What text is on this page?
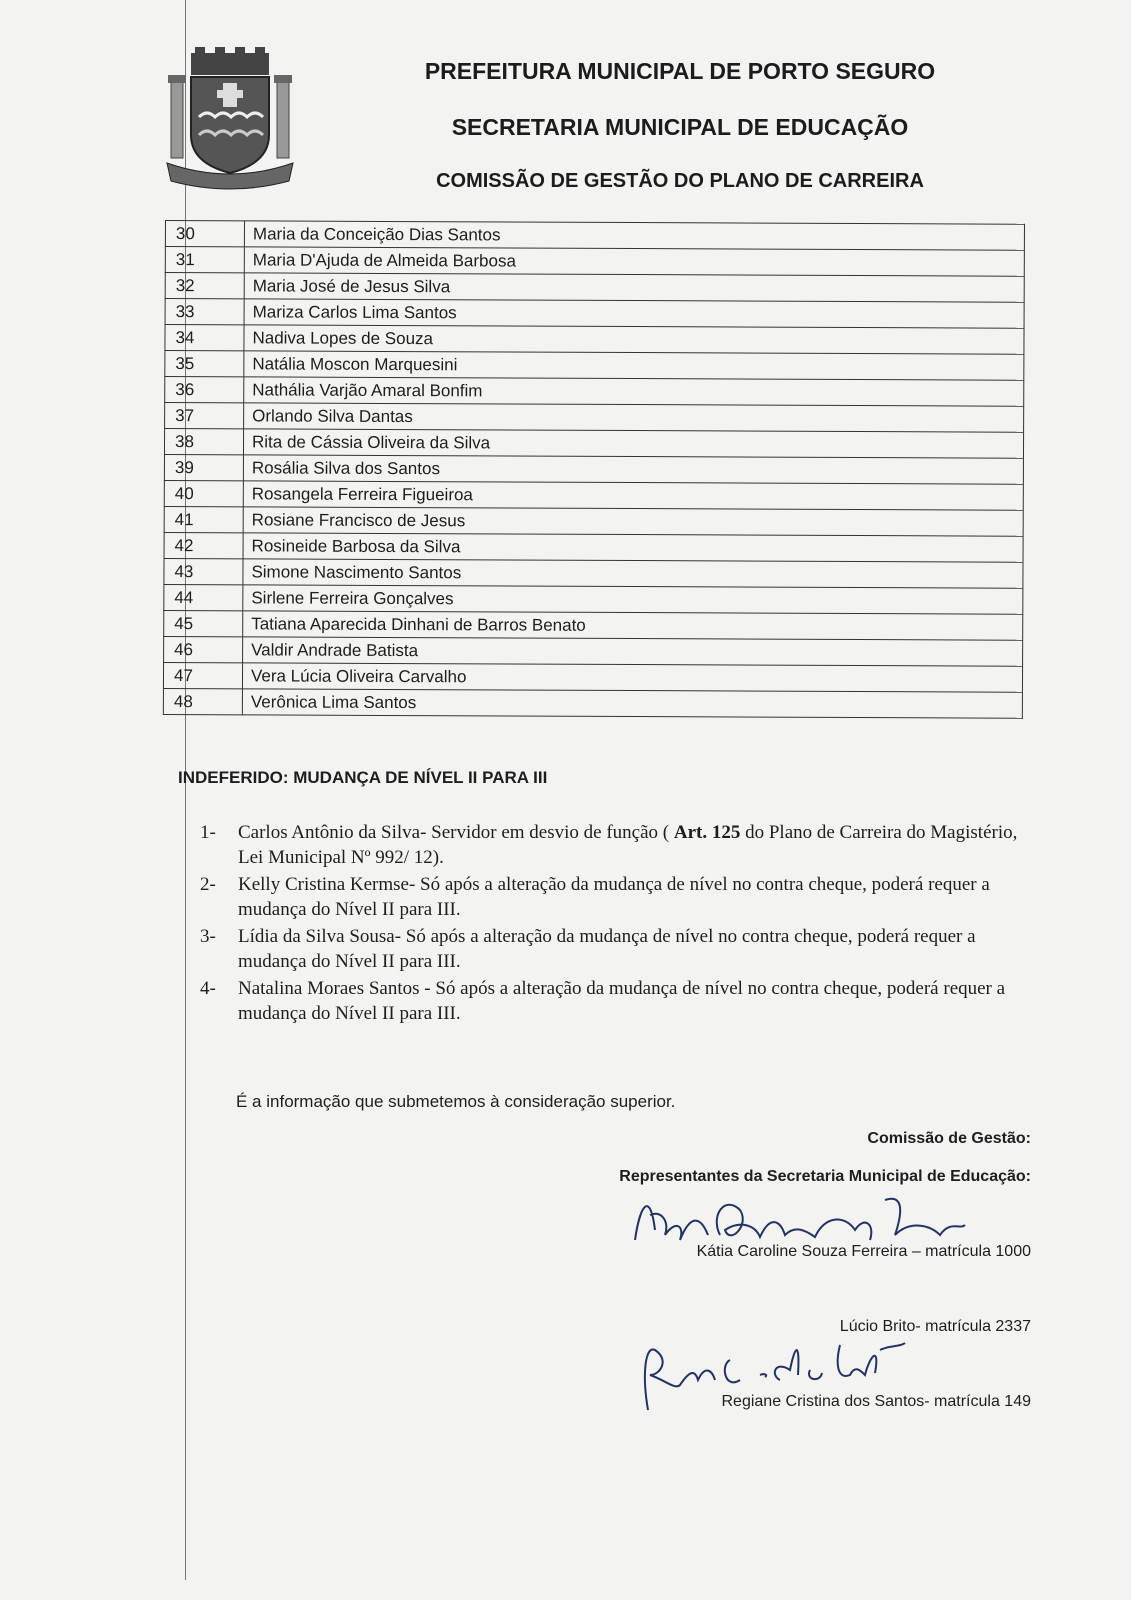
PREFEITURA MUNICIPAL DE PORTO SEGURO
SECRETARIA MUNICIPAL DE EDUCAÇÃO
COMISSÃO DE GESTÃO DO PLANO DE CARREIRA
30	Maria da Conceição Dias Santos
31	Maria D'Ajuda de Almeida Barbosa
32	Maria José de Jesus Silva
33	Mariza Carlos Lima Santos
34	Nadiva Lopes de Souza
35	Natália Moscon Marquesini
36	Nathália Varjão Amaral Bonfim
37	Orlando Silva Dantas
38	Rita de Cássia Oliveira da Silva
39	Rosália Silva dos Santos
40	Rosangela Ferreira Figueiroa
41	Rosiane Francisco de Jesus
42	Rosineide Barbosa da Silva
43	Simone Nascimento Santos
44	Sirlene Ferreira Gonçalves
45	Tatiana Aparecida Dinhani de Barros Benato
46	Valdir Andrade Batista
47	Vera Lúcia Oliveira Carvalho
48	Verônica Lima Santos
INDEFERIDO: MUDANÇA DE NÍVEL II PARA III
1- Carlos Antônio da Silva- Servidor em desvio de função ( Art. 125 do Plano de Carreira do Magistério, Lei Municipal Nº 992/ 12).
2- Kelly Cristina Kermse- Só após a alteração da mudança de nível no contra cheque, poderá requer a mudança do Nível II para III.
3- Lídia da Silva Sousa- Só após a alteração da mudança de nível no contra cheque, poderá requer a mudança do Nível II para III.
4- Natalina Moraes Santos - Só após a alteração da mudança de nível no contra cheque, poderá requer a mudança do Nível II para III.
É a informação que submetemos à consideração superior.
Comissão de Gestão:
Representantes da Secretaria Municipal de Educação:
Kátia Caroline Souza Ferreira – matrícula 1000
Lúcio Brito- matrícula 2337
Regiane Cristina dos Santos- matrícula 149
